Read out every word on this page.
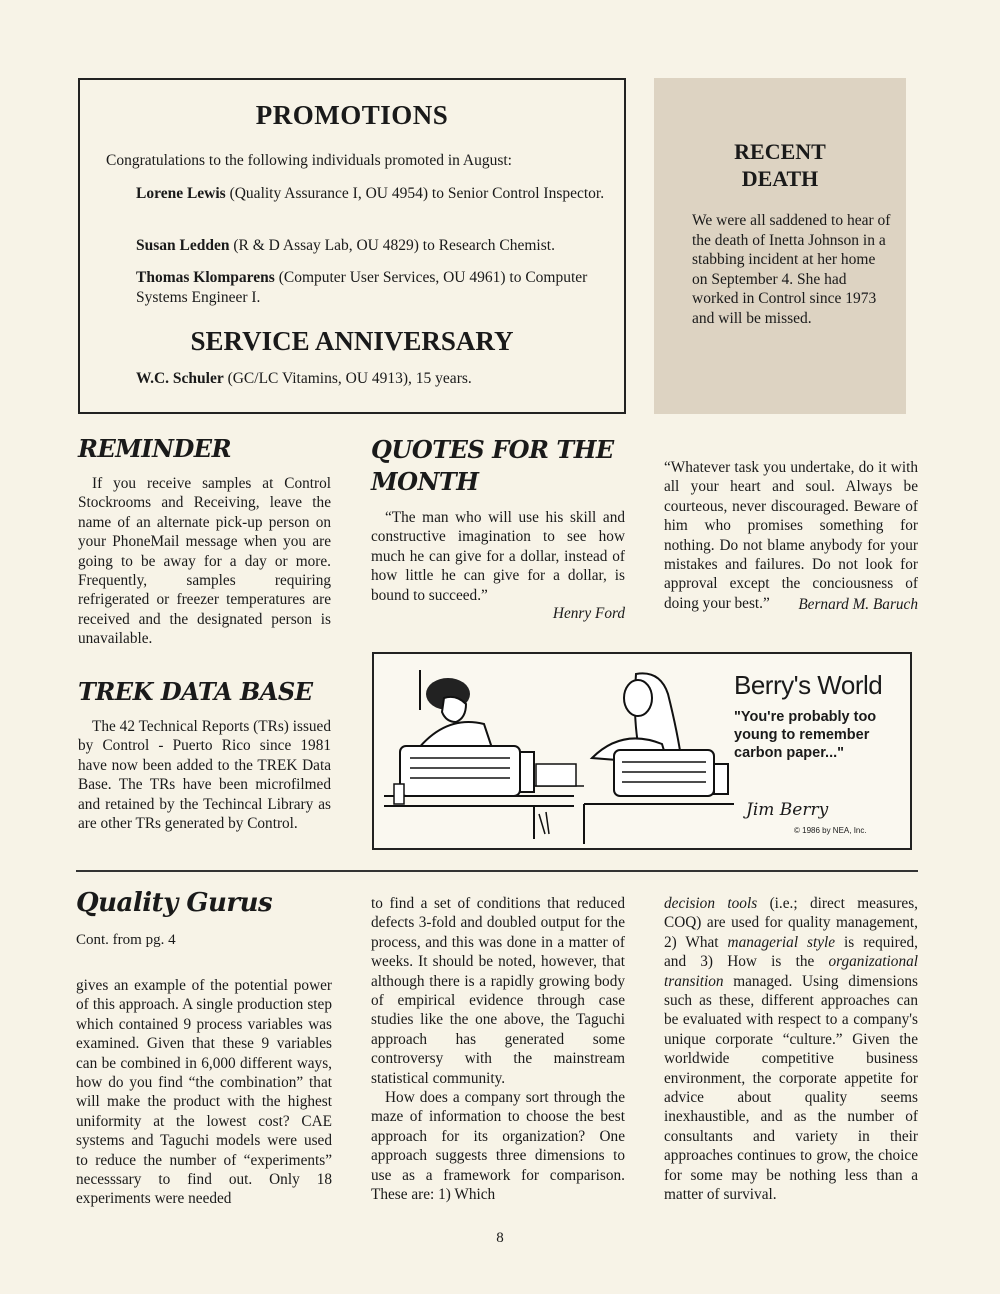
PROMOTIONS
Congratulations to the following individuals promoted in August:
Lorene Lewis (Quality Assurance I, OU 4954) to Senior Control Inspector.
Susan Ledden (R & D Assay Lab, OU 4829) to Research Chemist.
Thomas Klomparens (Computer User Services, OU 4961) to Computer Systems Engineer I.
SERVICE ANNIVERSARY
W.C. Schuler (GC/LC Vitamins, OU 4913), 15 years.
RECENT
DEATH
We were all saddened to hear of the death of Inetta Johnson in a stabbing incident at her home on September 4. She had worked in Control since 1973 and will be missed.
REMINDER
If you receive samples at Control Stockrooms and Receiving, leave the name of an alternate pick-up person on your PhoneMail message when you are going to be away for a day or more. Frequently, samples requiring refrigerated or freezer temperatures are received and the designated person is unavailable.
QUOTES FOR THE
MONTH
“The man who will use his skill and constructive imagination to see how much he can give for a dollar, instead of how little he can give for a dollar, is bound to succeed.”
Henry Ford
“Whatever task you undertake, do it with all your heart and soul. Always be courteous, never discouraged. Beware of him who promises something for nothing. Do not blame anybody for your mistakes and failures. Do not look for approval except the conciousness of doing your best.”	Bernard M. Baruch
TREK DATA BASE
The 42 Technical Reports (TRs) issued by Control - Puerto Rico since 1981 have now been added to the TREK Data Base. The TRs have been microfilmed and retained by the Techincal Library as are other TRs generated by Control.
Berry's World
"You're probably too young to remember carbon paper..."
Jim Berry
© 1986 by NEA, Inc.
Quality Gurus
Cont. from pg. 4
gives an example of the potential power of this approach. A single production step which contained 9 process variables was examined. Given that these 9 variables can be combined in 6,000 different ways, how do you find “the combination” that will make the product with the highest uniformity at the lowest cost? CAE systems and Taguchi models were used to reduce the number of “experiments” necesssary to find out. Only 18 experiments were needed
to find a set of conditions that reduced defects 3-fold and doubled output for the process, and this was done in a matter of weeks. It should be noted, however, that although there is a rapidly growing body of empirical evidence through case studies like the one above, the Taguchi approach has generated some controversy with the mainstream statistical community.
How does a company sort through the maze of information to choose the best approach for its organization? One approach suggests three dimensions to use as a framework for comparison. These are: 1) Which
decision tools (i.e.; direct measures, COQ) are used for quality management, 2) What managerial style is required, and 3) How is the organizational transition managed. Using dimensions such as these, different approaches can be evaluated with respect to a company's unique corporate “culture.” Given the worldwide competitive business environment, the corporate appetite for advice about quality seems inexhaustible, and as the number of consultants and variety in their approaches continues to grow, the choice for some may be nothing less than a matter of survival.
8
